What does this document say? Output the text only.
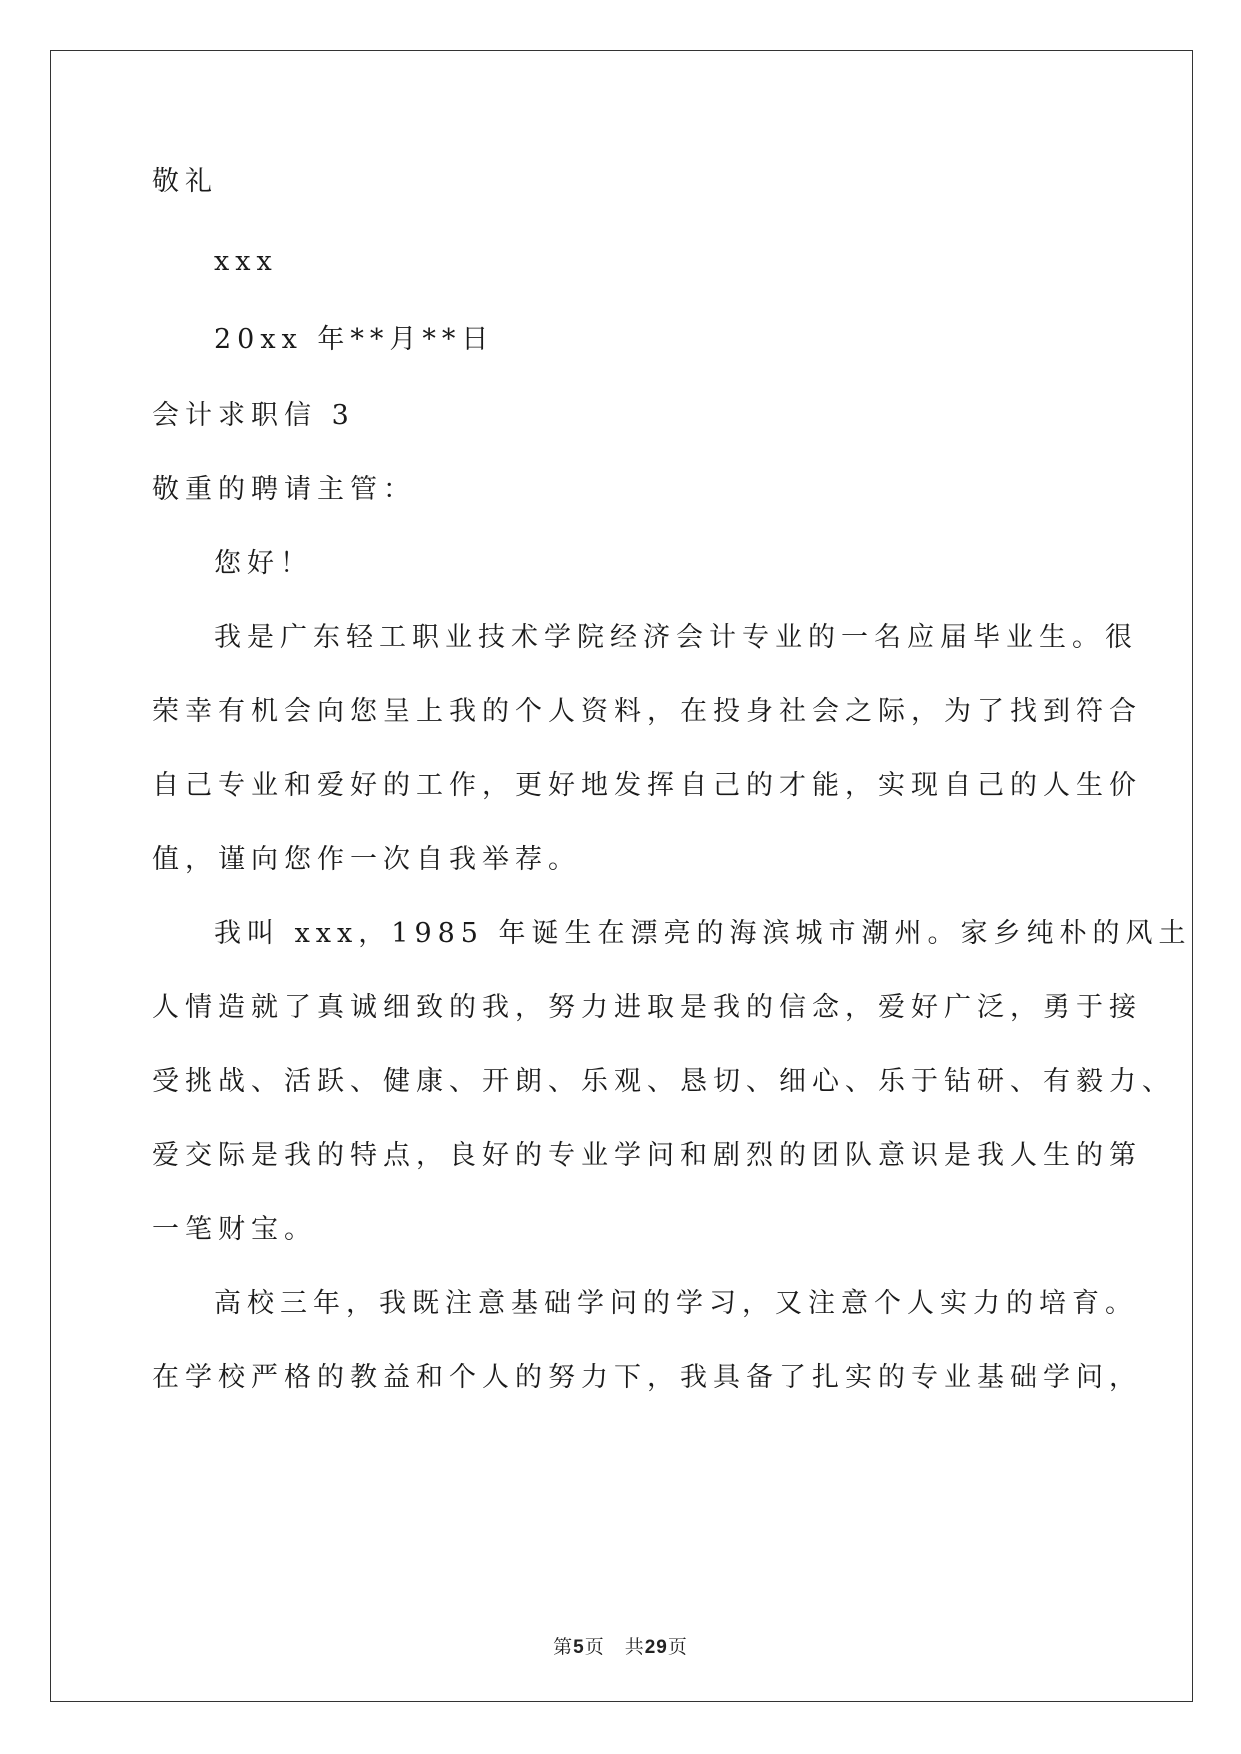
敬礼
xxx
20xx 年**月**日
会计求职信 3
敬重的聘请主管：
您好！
我是广东轻工职业技术学院经济会计专业的一名应届毕业生。很
荣幸有机会向您呈上我的个人资料，在投身社会之际，为了找到符合
自己专业和爱好的工作，更好地发挥自己的才能，实现自己的人生价
值，谨向您作一次自我举荐。
我叫 xxx，1985 年诞生在漂亮的海滨城市潮州。家乡纯朴的风土
人情造就了真诚细致的我，努力进取是我的信念，爱好广泛，勇于接
受挑战、活跃、健康、开朗、乐观、恳切、细心、乐于钻研、有毅力、
爱交际是我的特点，良好的专业学问和剧烈的团队意识是我人生的第
一笔财宝。
高校三年，我既注意基础学问的学习，又注意个人实力的培育。
在学校严格的教益和个人的努力下，我具备了扎实的专业基础学问，
第5页 共29页
